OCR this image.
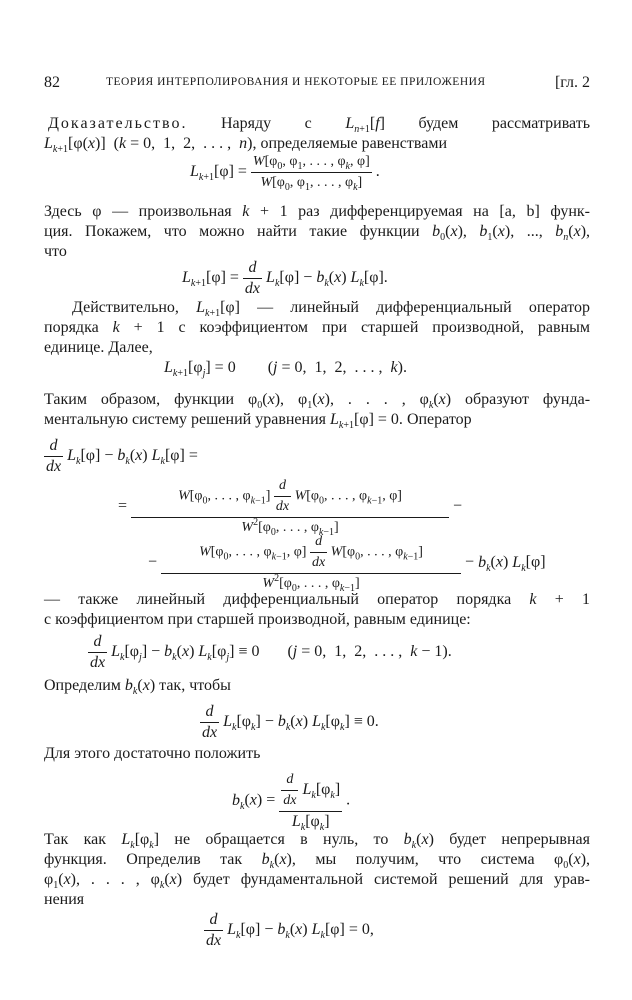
82	ТЕОРИЯ ИНТЕРПОЛИРОВАНИЯ И НЕКОТОРЫЕ ЕЕ ПРИЛОЖЕНИЯ	[гл. 2
Доказательство. Наряду с $L_{n+1}[f]$ будем рассматривать
$L_{k+1}[\varphi(x)] (k = 0$,  1,  2,  . . . ,  n), определяемые равенствами
$L_{k+1}[\varphi] = \frac{W[\varphi_0, \varphi_1, . . . , \varphi_k, \varphi]}{W[\varphi_0, \varphi_1, . . . , \varphi_k]}$ .
Здесь φ — произвольная k + 1 раз дифференцируемая на [a, b] функ-
ция. Покажем, что можно найти такие функции $b_0(x)$, $b_1(x)$, ..., $b_n(x)$,
что
$L_{k+1}[\varphi] = \frac{d}{dx} L_k[\varphi] - b_k(x)$ $L_k[\varphi]$.
Действительно, $L_{k+1}[\varphi]$ — линейный дифференциальный оператор
порядка k + 1 с коэффициентом при старшей производной, равным
единице. Далее,
$L_{k+1}[\varphi_j] = 0$        (j = 0,  1,  2,  . . . ,  k).
Таким образом, функции $\varphi_0(x)$, $\varphi_1(x)$, . . . , $\varphi_k(x)$ образуют фунда-
ментальную систему решений уравнения $L_{k+1}[\varphi] = 0$. Оператор
$\frac{d}{dx} L_k[\varphi] - b_k(x) L_k[\varphi]$ =
= $\frac{W[\varphi_0, . . . , \varphi_{k-1}] \frac{d}{dx} W[\varphi_0, . . . , \varphi_{k-1}, \varphi]}{W^2[\varphi_0, . . . , \varphi_{k-1}]}$ −
− $\frac{W[\varphi_0, . . . , \varphi_{k-1}, \varphi] \frac{d}{dx} W[\varphi_0, . . . , \varphi_{k-1}]}{W^2[\varphi_0, . . . , \varphi_{k-1}]} - b_k(x)$ $L_k[\varphi]$
— также линейный дифференциальный оператор порядка k + 1
с коэффициентом при старшей производной, равным единице:
$\frac{d}{dx} L_k[\varphi_j] - b_k(x) L_k[\varphi_j] \equiv 0$       (j = 0,  1,  2,  . . . ,  k − 1).
Определим $b_k(x)$ так, чтобы
$\frac{d}{dx} L_k[\varphi_k] - b_k(x) L_k[\varphi_k] \equiv 0$.
Для этого достаточно положить
$b_k(x) = \frac{\frac{d}{dx} L_k[\varphi_k]}{L_k[\varphi_k]}$ .
Так как $L_k[\varphi_k]$ не обращается в нуль, то $b_k(x)$ будет непрерывная
функция. Определив так $b_k(x)$, мы получим, что система $\varphi_0(x)$,
$\varphi_1(x)$, . . . , $\varphi_k(x)$ будет фундаментальной системой решений для урав-
нения
$\frac{d}{dx} L_k[\varphi] - b_k(x) L_k[\varphi] = 0$,
